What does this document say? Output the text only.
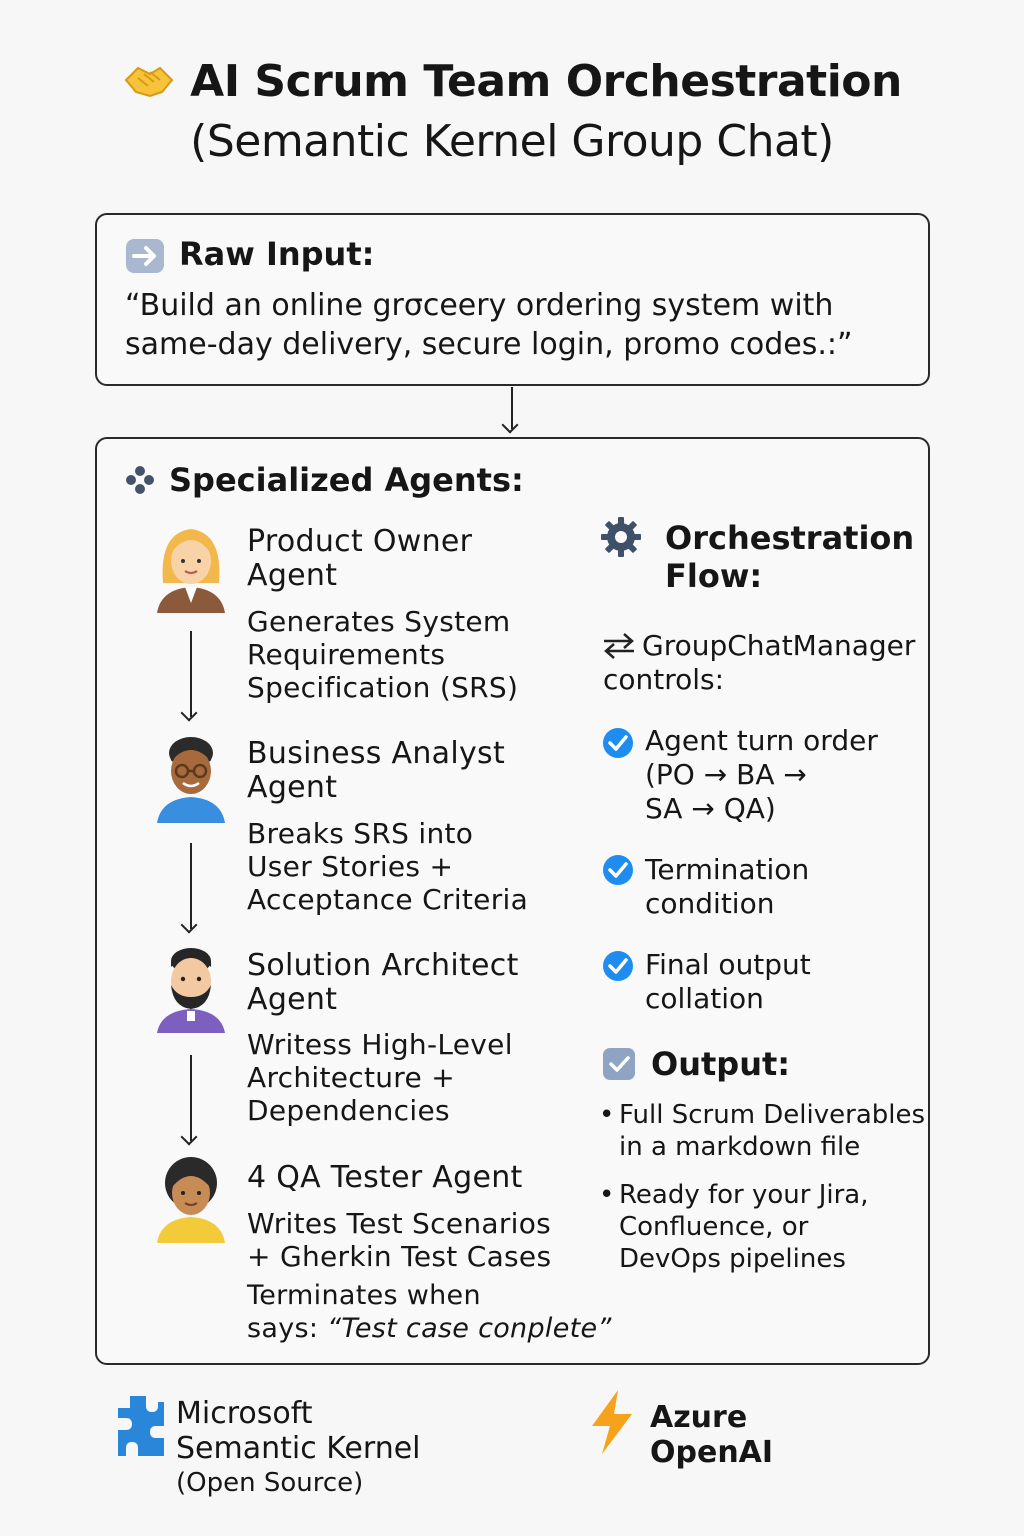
AI Scrum Team Orchestration
(Semantic Kernel Group Chat)
Raw Input:
“Build an online grσceery ordering system with
same-day delivery, secure login, promo codes.:”
Specialized Agents:
Product Owner
Agent
Generates System
Requirements
Specification (SRS)
Business Analyst
Agent
Breaks SRS into
User Stories +
Acceptance Criteria
Solution Architect
Agent
Writess High-Level
Architecture +
Dependencies
4 QA Tester Agent
Writes Test Scenarios
+ Gherkin Test Cases
Terminates when
says: “Test case conplete”
Orchestration
Flow:
GroupChatManager
controls:
Agent turn order
(PO → BA →
SA → QA)
Termination
condition
Final output
collation
Output:
• Full Scrum Deliverables
in a markdown file
• Ready for your Jira,
Confluence, or
DevOps pipelines
Microsoft
Semantic Kernel
(Open Source)
Azure
OpenAI
